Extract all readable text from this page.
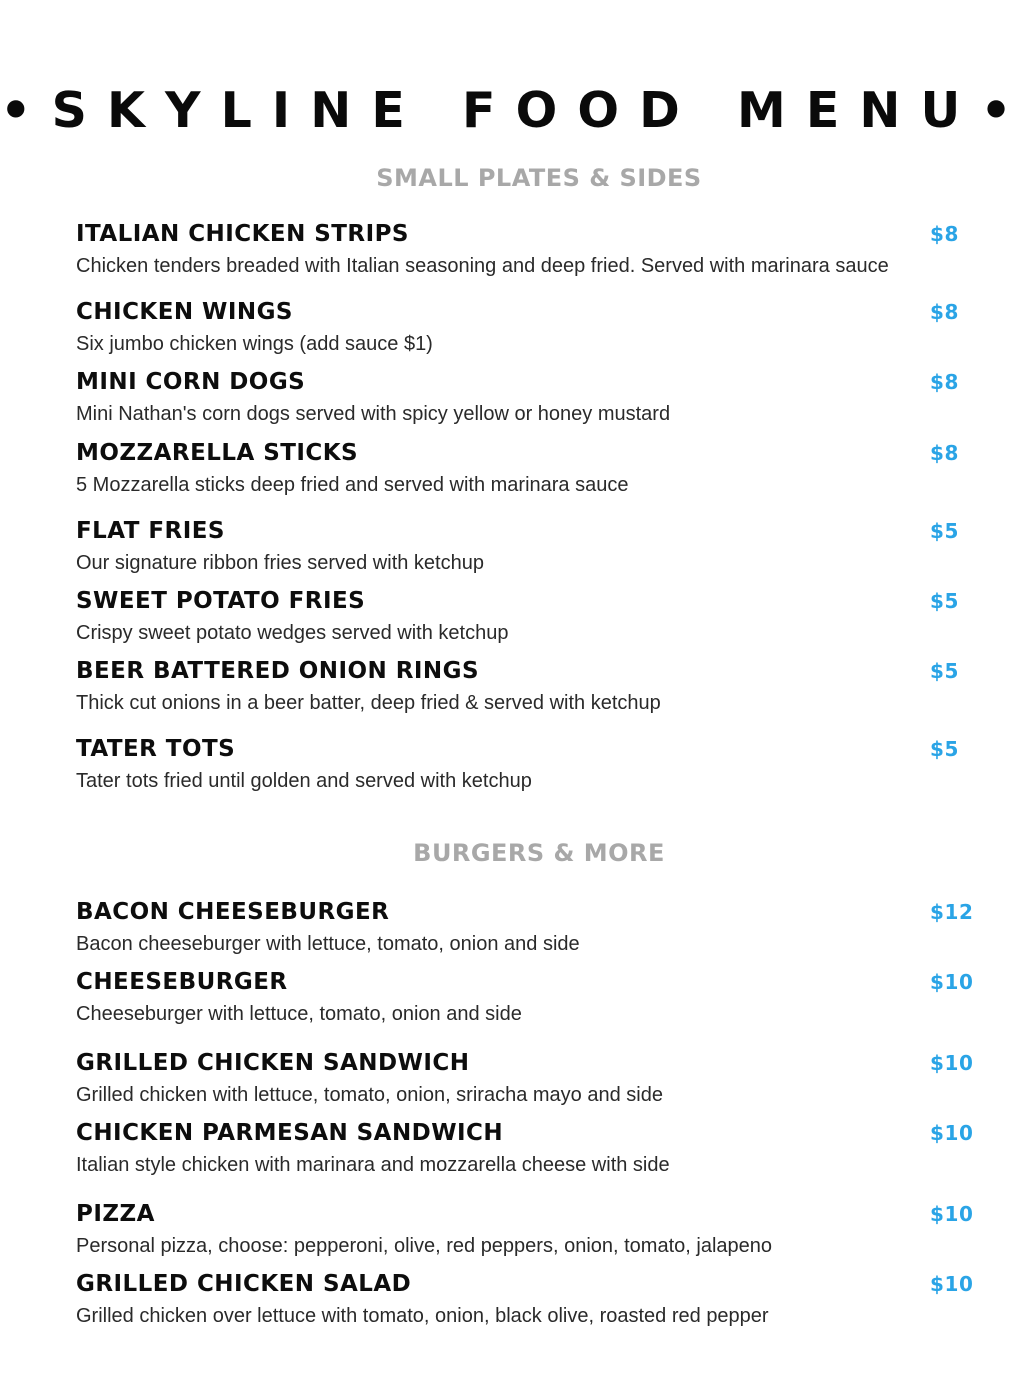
•SKYLINE FOOD MENU•
SMALL PLATES & SIDES
ITALIAN CHICKEN STRIPS
Chicken tenders breaded with Italian seasoning and deep fried. Served with marinara sauce
$8
CHICKEN WINGS
Six jumbo chicken wings (add sauce $1)
$8
MINI CORN DOGS
Mini Nathan's corn dogs served with spicy yellow or honey mustard
$8
MOZZARELLA STICKS
5 Mozzarella sticks deep fried and served with marinara sauce
$8
FLAT FRIES
Our signature ribbon fries served with ketchup
$5
SWEET POTATO FRIES
Crispy sweet potato wedges served with ketchup
$5
BEER BATTERED ONION RINGS
Thick cut onions in a beer batter, deep fried & served with ketchup
$5
TATER TOTS
Tater tots fried until golden and served with ketchup
$5
BURGERS & MORE
BACON CHEESEBURGER
Bacon cheeseburger with lettuce, tomato, onion and side
$12
CHEESEBURGER
Cheeseburger with lettuce, tomato, onion and side
$10
GRILLED CHICKEN SANDWICH
Grilled chicken with lettuce, tomato, onion, sriracha mayo and side
$10
CHICKEN PARMESAN SANDWICH
Italian style chicken with marinara and mozzarella cheese with side
$10
PIZZA
Personal pizza, choose: pepperoni, olive, red peppers, onion, tomato, jalapeno
$10
GRILLED CHICKEN SALAD
Grilled chicken over lettuce with tomato, onion, black olive, roasted red pepper
$10
